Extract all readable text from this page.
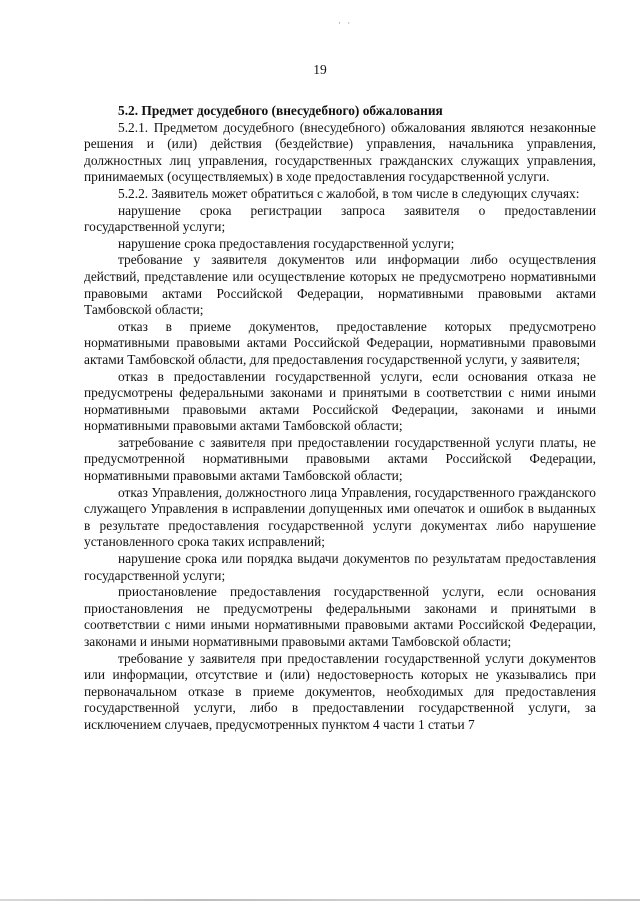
· ·
19

5.2. Предмет досудебного (внесудебного) обжалования

5.2.1. Предметом досудебного (внесудебного) обжалования являются незаконные решения и (или) действия (бездействие) управления, начальника управления, должностных лиц управления, государственных гражданских служащих управления, принимаемых (осуществляемых) в ходе предоставления государственной услуги.

5.2.2. Заявитель может обратиться с жалобой, в том числе в следующих случаях:

нарушение срока регистрации запроса заявителя о предоставлении государственной услуги;

нарушение срока предоставления государственной услуги;

требование у заявителя документов или информации либо осуществления действий, представление или осуществление которых не предусмотрено нормативными правовыми актами Российской Федерации, нормативными правовыми актами Тамбовской области;

отказ в приеме документов, предоставление которых предусмотрено нормативными правовыми актами Российской Федерации, нормативными правовыми актами Тамбовской области, для предоставления государственной услуги, у заявителя;

отказ в предоставлении государственной услуги, если основания отказа не предусмотрены федеральными законами и принятыми в соответствии с ними иными нормативными правовыми актами Российской Федерации, законами и иными нормативными правовыми актами Тамбовской области;

затребование с заявителя при предоставлении государственной услуги платы, не предусмотренной нормативными правовыми актами Российской Федерации, нормативными правовыми актами Тамбовской области;

отказ Управления, должностного лица Управления, государственного гражданского служащего Управления в исправлении допущенных ими опечаток и ошибок в выданных в результате предоставления государственной услуги документах либо нарушение установленного срока таких исправлений;

нарушение срока или порядка выдачи документов по результатам предоставления государственной услуги;

приостановление предоставления государственной услуги, если основания приостановления не предусмотрены федеральными законами и принятыми в соответствии с ними иными нормативными правовыми актами Российской Федерации, законами и иными нормативными правовыми актами Тамбовской области;

требование у заявителя при предоставлении государственной услуги документов или информации, отсутствие и (или) недостоверность которых не указывались при первоначальном отказе в приеме документов, необходимых для предоставления государственной услуги, либо в предоставлении государственной услуги, за исключением случаев, предусмотренных пунктом 4 части 1 статьи 7
